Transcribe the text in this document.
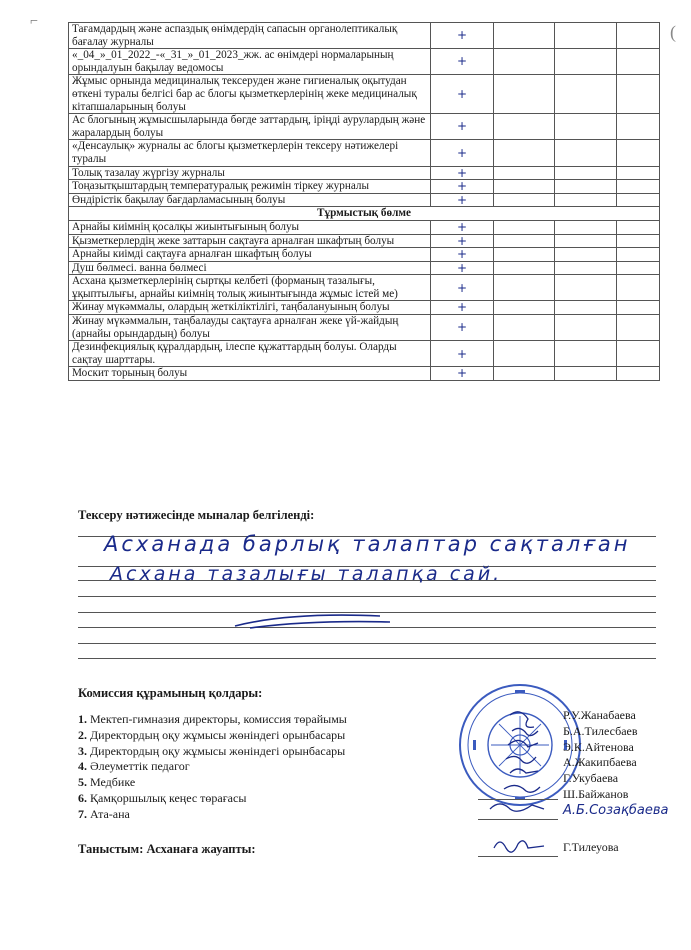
⌐
(
Тағамдардың және аспаздық өнімдердің сапасын органолептикалық бағалау журналы	+			
«_04_»_01_2022_-«_31_»_01_2023_жж. ас өнімдері нормаларының орындалуын бақылау ведомосы	+			
Жұмыс орнында медициналық тексеруден және гигиеналық оқытудан өткені туралы белгісі бар ас блогы қызметкерлерінің жеке медициналық кітапшаларының болуы	+			
Ас блогының жұмысшыларында бөгде заттардың, іріңді аурулардың және жаралардың болуы	+			
«Денсаулық» журналы ас блогы қызметкерлерін тексеру нәтижелері туралы	+			
Толық тазалау жүргізу журналы	+			
Тоңазытқыштардың температуралық режимін тіркеу журналы	+			
Өндірістік бақылау бағдарламасының болуы	+			
Тұрмыстық бөлме				
Арнайы киімнің қосалқы жиынтығының болуы	+			
Қызметкерлердің жеке заттарын сақтауға арналған шкафтың болуы	+			
Арнайы киімді сақтауға арналған шкафтың болуы	+			
Душ бөлмесі. ванна бөлмесі	+			
Асхана қызметкерлерінің сыртқы келбеті (форманың тазалығы, ұқыптылығы, арнайы киімнің толық жиынтығында жұмыс істей ме)	+			
Жинау мүкәммалы, олардың жеткіліктілігі, таңбалануының болуы	+			
Жинау мүкәммалын, таңбалауды сақтауға арналған жеке үй-жайдың (арнайы орындардың) болуы	+			
Дезинфекциялық құралдардың, ілеспе құжаттардың болуы. Оларды сақтау шарттары.	+			
Москит торының болуы	+			
Тексеру нәтижесінде мыналар белгіленді:
Асханада барлық талаптар сақталған
Асхана тазалығы талапқа сай.
Комиссия құрамының қолдары:
1. Мектеп-гимназия директоры, комиссия төрайымы
2. Директордың оқу жұмысы жөніндегі орынбасары
3. Директордың оқу жұмысы жөніндегі орынбасары
4. Әлеуметтік педагог
5. Медбике
6. Қамқоршылық кеңес төрағасы
7. Ата-ана
Р.У.Жанабаева
Б.А.Тилесбаев
Э.К.Айтенова
А.Жакипбаева
Г.Укубаева
Ш.Байжанов
А.Б.Созақбаева
Таныстым: Асханаға жауапты:	Г.Тилеуова
